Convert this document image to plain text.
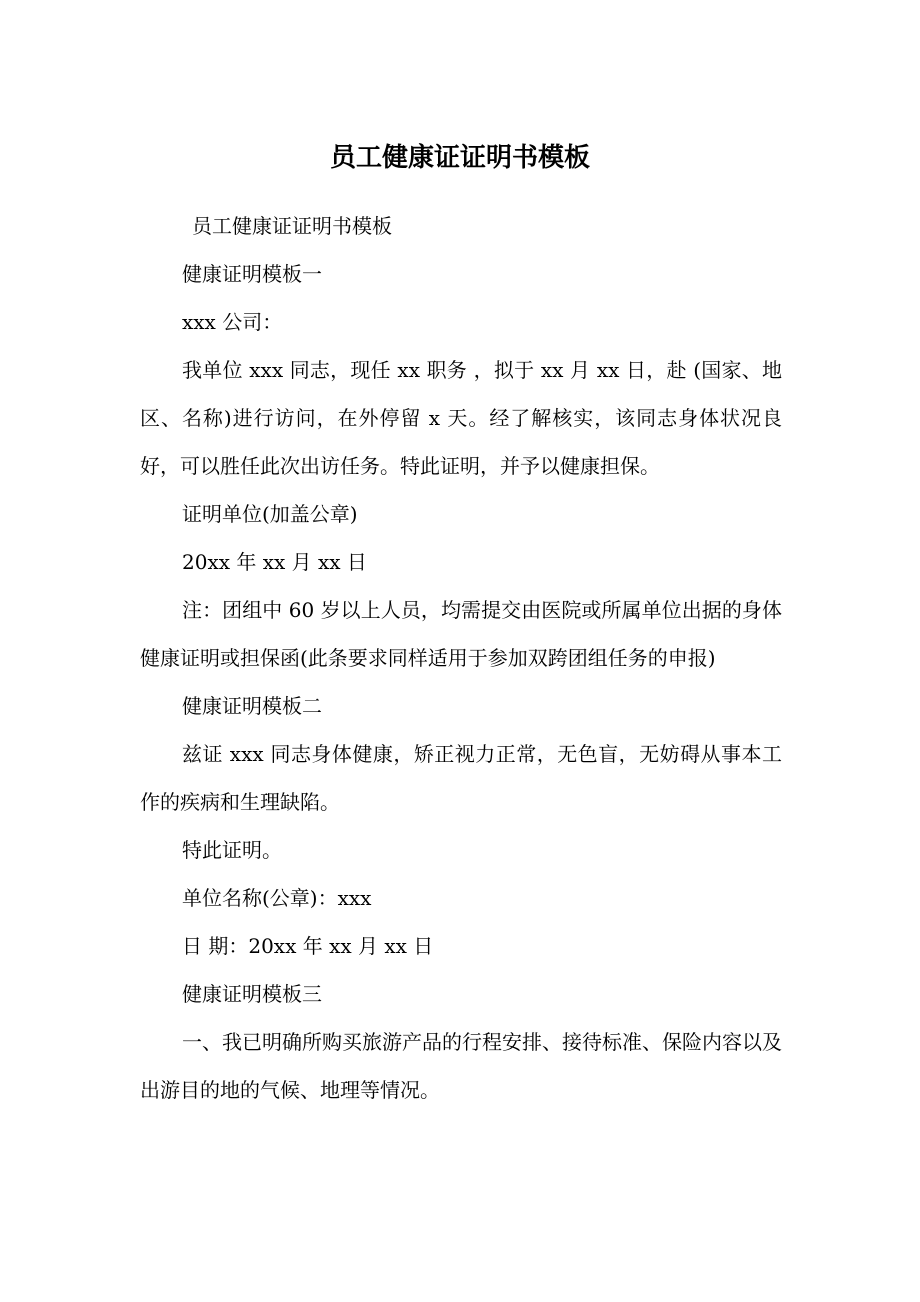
员工健康证证明书模板

员工健康证证明书模板

健康证明模板一

xxx 公司：

我单位 xxx 同志，现任 xx 职务 ，拟于 xx 月 xx 日，赴 (国家、地区、名称)进行访问，在外停留 x 天。经了解核实，该同志身体状况良好，可以胜任此次出访任务。特此证明，并予以健康担保。

证明单位(加盖公章)

20xx 年 xx 月 xx 日

注：团组中 60 岁以上人员，均需提交由医院或所属单位出据的身体健康证明或担保函(此条要求同样适用于参加双跨团组任务的申报)

健康证明模板二

兹证 xxx 同志身体健康，矫正视力正常，无色盲，无妨碍从事本工作的疾病和生理缺陷。

特此证明。

单位名称(公章)：xxx

日 期：20xx 年 xx 月 xx 日

健康证明模板三

一、我已明确所购买旅游产品的行程安排、接待标准、保险内容以及出游目的地的气候、地理等情况。
